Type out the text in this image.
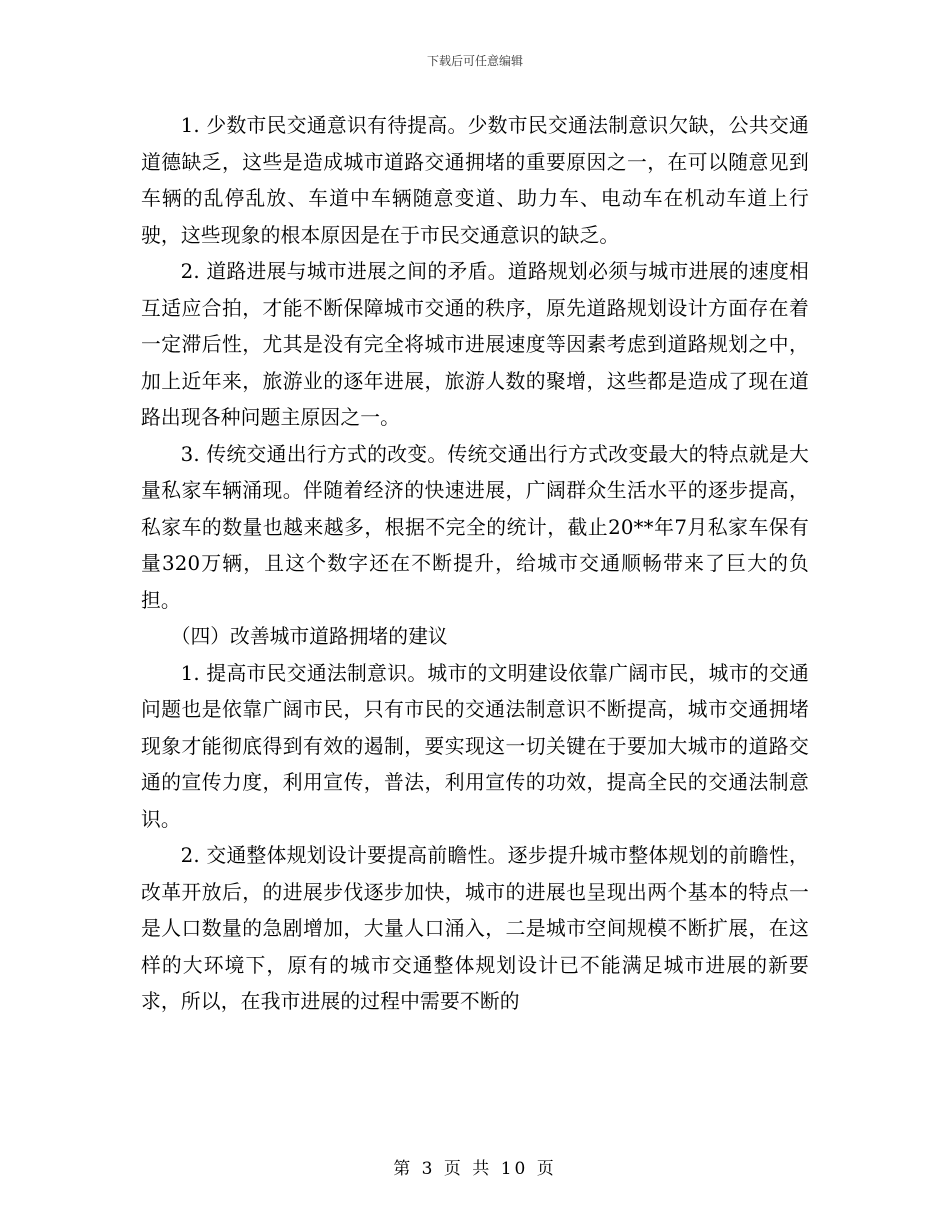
下载后可任意编辑

1. 少数市民交通意识有待提高。少数市民交通法制意识欠缺，公共交通道德缺乏，这些是造成城市道路交通拥堵的重要原因之一，在可以随意见到车辆的乱停乱放、车道中车辆随意变道、助力车、电动车在机动车道上行驶，这些现象的根本原因是在于市民交通意识的缺乏。

2. 道路进展与城市进展之间的矛盾。道路规划必须与城市进展的速度相互适应合拍，才能不断保障城市交通的秩序，原先道路规划设计方面存在着一定滞后性，尤其是没有完全将城市进展速度等因素考虑到道路规划之中，加上近年来，旅游业的逐年进展，旅游人数的聚增，这些都是造成了现在道路出现各种问题主原因之一。

3. 传统交通出行方式的改变。传统交通出行方式改变最大的特点就是大量私家车辆涌现。伴随着经济的快速进展，广阔群众生活水平的逐步提高，私家车的数量也越来越多，根据不完全的统计，截止20**年7月私家车保有量320万辆，且这个数字还在不断提升，给城市交通顺畅带来了巨大的负担。

（四）改善城市道路拥堵的建议

1. 提高市民交通法制意识。城市的文明建设依靠广阔市民，城市的交通问题也是依靠广阔市民，只有市民的交通法制意识不断提高，城市交通拥堵现象才能彻底得到有效的遏制，要实现这一切关键在于要加大城市的道路交通的宣传力度，利用宣传，普法，利用宣传的功效，提高全民的交通法制意识。

2. 交通整体规划设计要提高前瞻性。逐步提升城市整体规划的前瞻性，改革开放后，的进展步伐逐步加快，城市的进展也呈现出两个基本的特点一是人口数量的急剧增加，大量人口涌入，二是城市空间规模不断扩展，在这样的大环境下，原有的城市交通整体规划设计已不能满足城市进展的新要求，所以，在我市进展的过程中需要不断的

第 3 页 共 10 页
